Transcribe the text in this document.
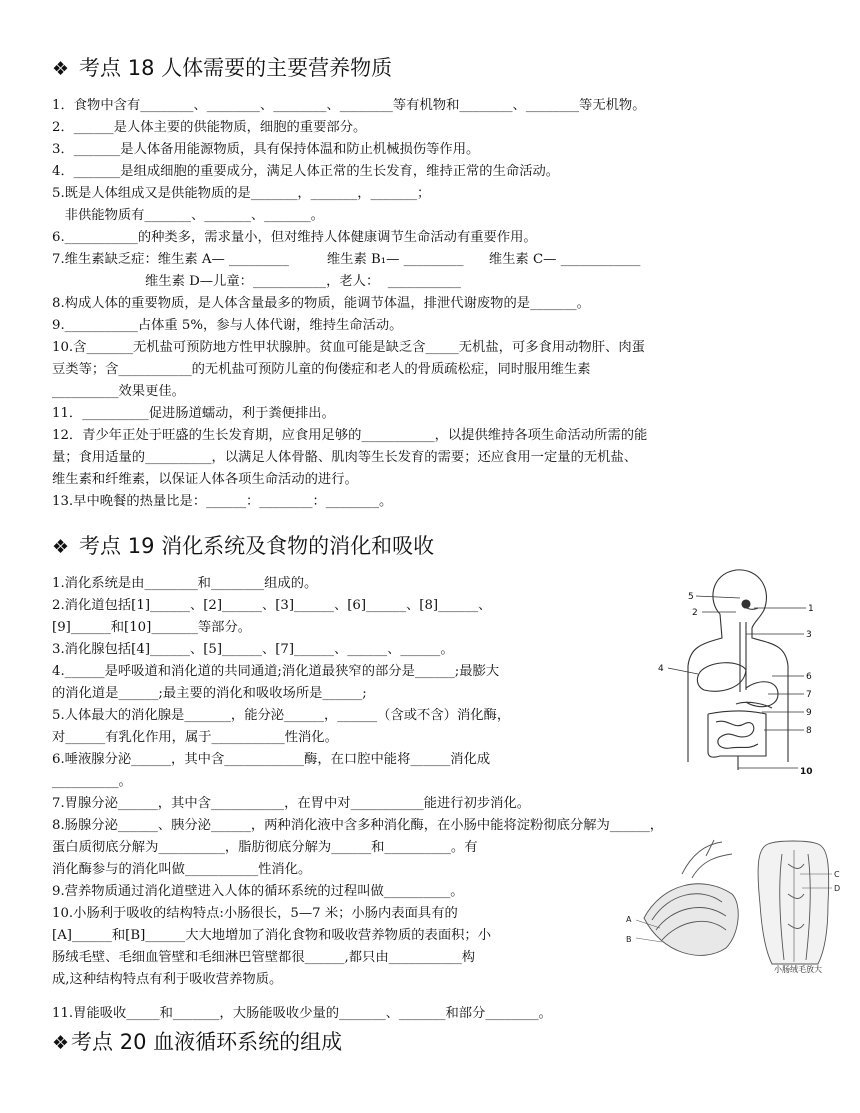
❖ 考点 18 人体需要的主要营养物质

1．食物中含有________、________、________、________等有机物和________、________等无机物。

2．______是人体主要的供能物质，细胞的重要部分。

3．_______是人体备用能源物质，具有保持体温和防止机械损伤等作用。

4．_______是组成细胞的重要成分，满足人体正常的生长发育，维持正常的生命活动。

5.既是人体组成又是供能物质的是_______，_______，_______；

非供能物质有_______、_______、_______。

6.___________的种类多，需求量小，但对维持人体健康调节生命活动有重要作用。

7.维生素缺乏症：维生素 A— _________         维生素 B₁— _________      维生素 C— ____________

维生素 D—儿童：___________，老人：  ___________

8.构成人体的重要物质，是人体含量最多的物质，能调节体温，排泄代谢废物的是_______。

9.___________占体重 5%，参与人体代谢，维持生命活动。

10.含_______无机盐可预防地方性甲状腺肿。贫血可能是缺乏含_____无机盐，可多食用动物肝、肉蛋

豆类等；含___________的无机盐可预防儿童的佝偻症和老人的骨质疏松症，同时服用维生素

__________效果更佳。

11．__________促进肠道蠕动，利于粪便排出。

12．青少年正处于旺盛的生长发育期，应食用足够的___________，以提供维持各项生命活动所需的能

量；食用适量的__________，以满足人体骨骼、肌肉等生长发育的需要；还应食用一定量的无机盐、

维生素和纤维素，以保证人体各项生命活动的进行。

13.早中晚餐的热量比是：______：________：________。

❖ 考点 19 消化系统及食物的消化和吸收

1.消化系统是由________和________组成的。

2.消化道包括[1]______、[2]______、[3]______、[6]______、[8]______、

[9]______和[10]_______等部分。

3.消化腺包括[4]______、[5]______、[7]______、______、______。

4.______是呼吸道和消化道的共同通道;消化道最狭窄的部分是______;最膨大

的消化道是______;最主要的消化和吸收场所是______;

5.人体最大的消化腺是_______，能分泌______，______（含或不含）消化酶，

对______有乳化作用，属于___________性消化。

6.唾液腺分泌______，其中含____________酶，在口腔中能将______消化成

__________。

7.胃腺分泌______，其中含___________，在胃中对___________能进行初步消化。

8.肠腺分泌______、胰分泌______，两种消化液中含多种消化酶，在小肠中能将淀粉彻底分解为______，

蛋白质彻底分解为__________，脂肪彻底分解为______和__________。有

消化酶参与的消化叫做___________性消化。

9.营养物质通过消化道壁进入人体的循环系统的过程叫做__________。

10.小肠利于吸收的结构特点:小肠很长，5—7 米；小肠内表面具有的

[A]______和[B]______大大地增加了消化食物和吸收营养物质的表面积；小

肠绒毛壁、毛细血管壁和毛细淋巴管壁都很______,都只由___________构

成,这种结构特点有利于吸收营养物质。

11.胃能吸收_____和_______，大肠能吸收少量的_______、_______和部分________。

5
2	1
3
4
6
7
9
8
10
A
B
C
D
小肠绒毛放大
❖考点 20 血液循环系统的组成
